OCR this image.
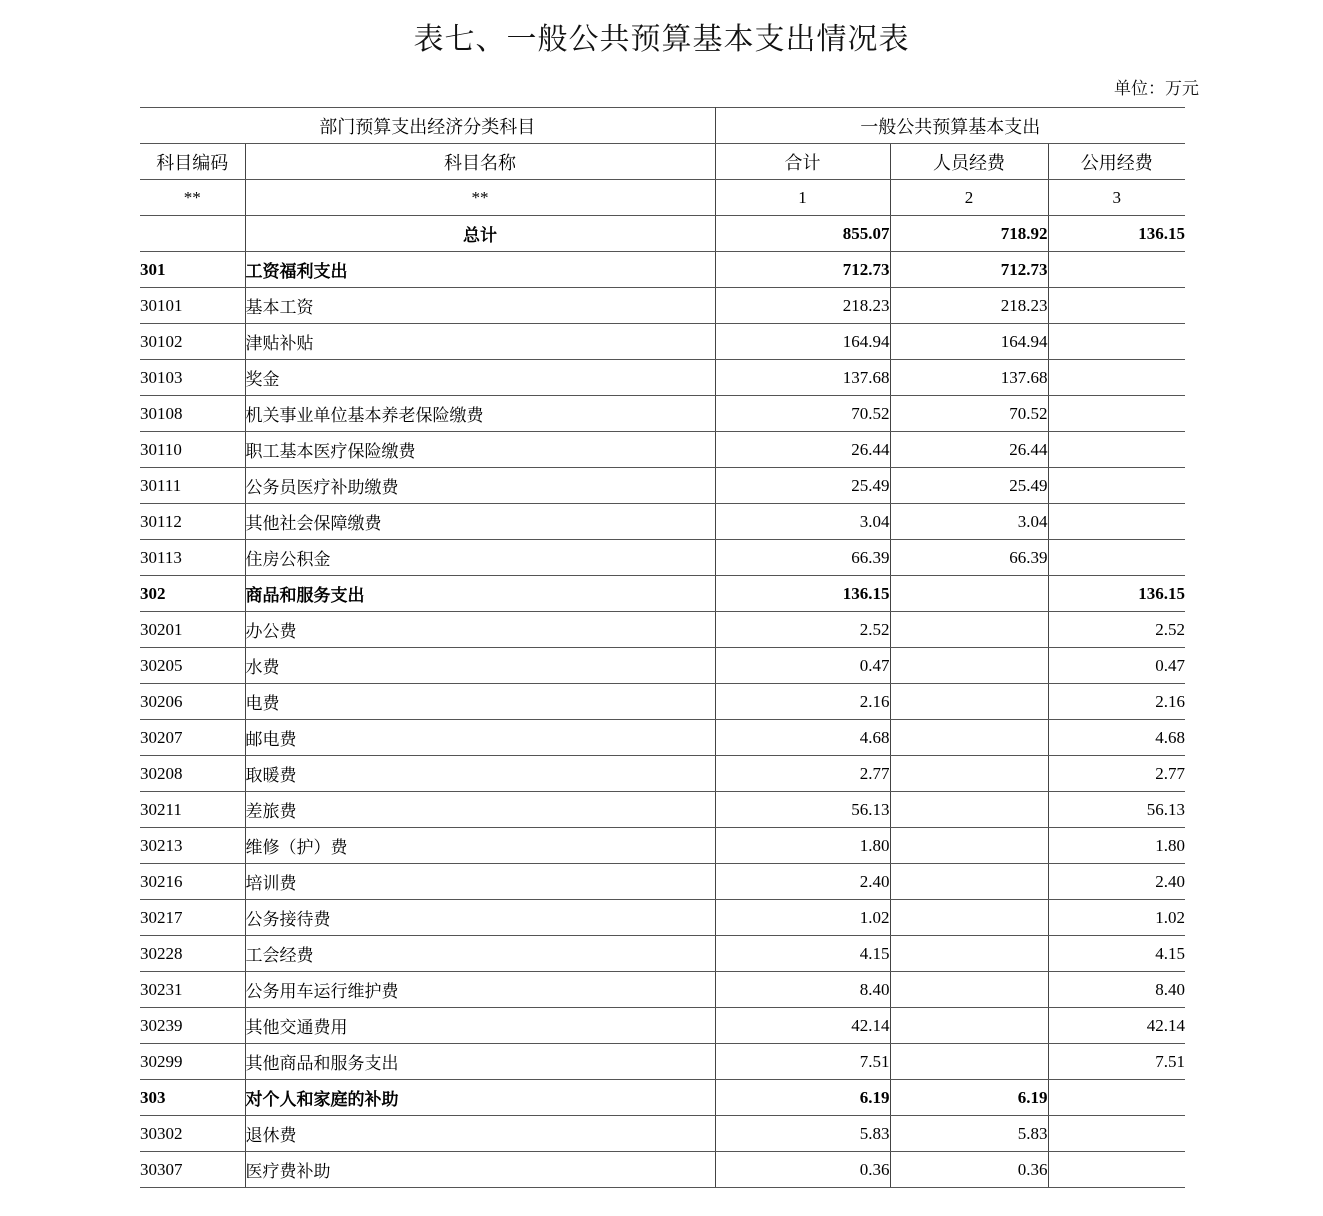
表七、一般公共预算基本支出情况表
单位：万元
部门预算支出经济分类科目		一般公共预算基本支出		
科目编码	科目名称	合计	人员经费	公用经费
**	**	1	2	3
	总计	855.07	718.92	136.15
301	工资福利支出	712.73	712.73	
30101	基本工资	218.23	218.23	
30102	津贴补贴	164.94	164.94	
30103	奖金	137.68	137.68	
30108	机关事业单位基本养老保险缴费	70.52	70.52	
30110	职工基本医疗保险缴费	26.44	26.44	
30111	公务员医疗补助缴费	25.49	25.49	
30112	其他社会保障缴费	3.04	3.04	
30113	住房公积金	66.39	66.39	
302	商品和服务支出	136.15		136.15
30201	办公费	2.52		2.52
30205	水费	0.47		0.47
30206	电费	2.16		2.16
30207	邮电费	4.68		4.68
30208	取暖费	2.77		2.77
30211	差旅费	56.13		56.13
30213	维修（护）费	1.80		1.80
30216	培训费	2.40		2.40
30217	公务接待费	1.02		1.02
30228	工会经费	4.15		4.15
30231	公务用车运行维护费	8.40		8.40
30239	其他交通费用	42.14		42.14
30299	其他商品和服务支出	7.51		7.51
303	对个人和家庭的补助	6.19	6.19	
30302	退休费	5.83	5.83	
30307	医疗费补助	0.36	0.36	
